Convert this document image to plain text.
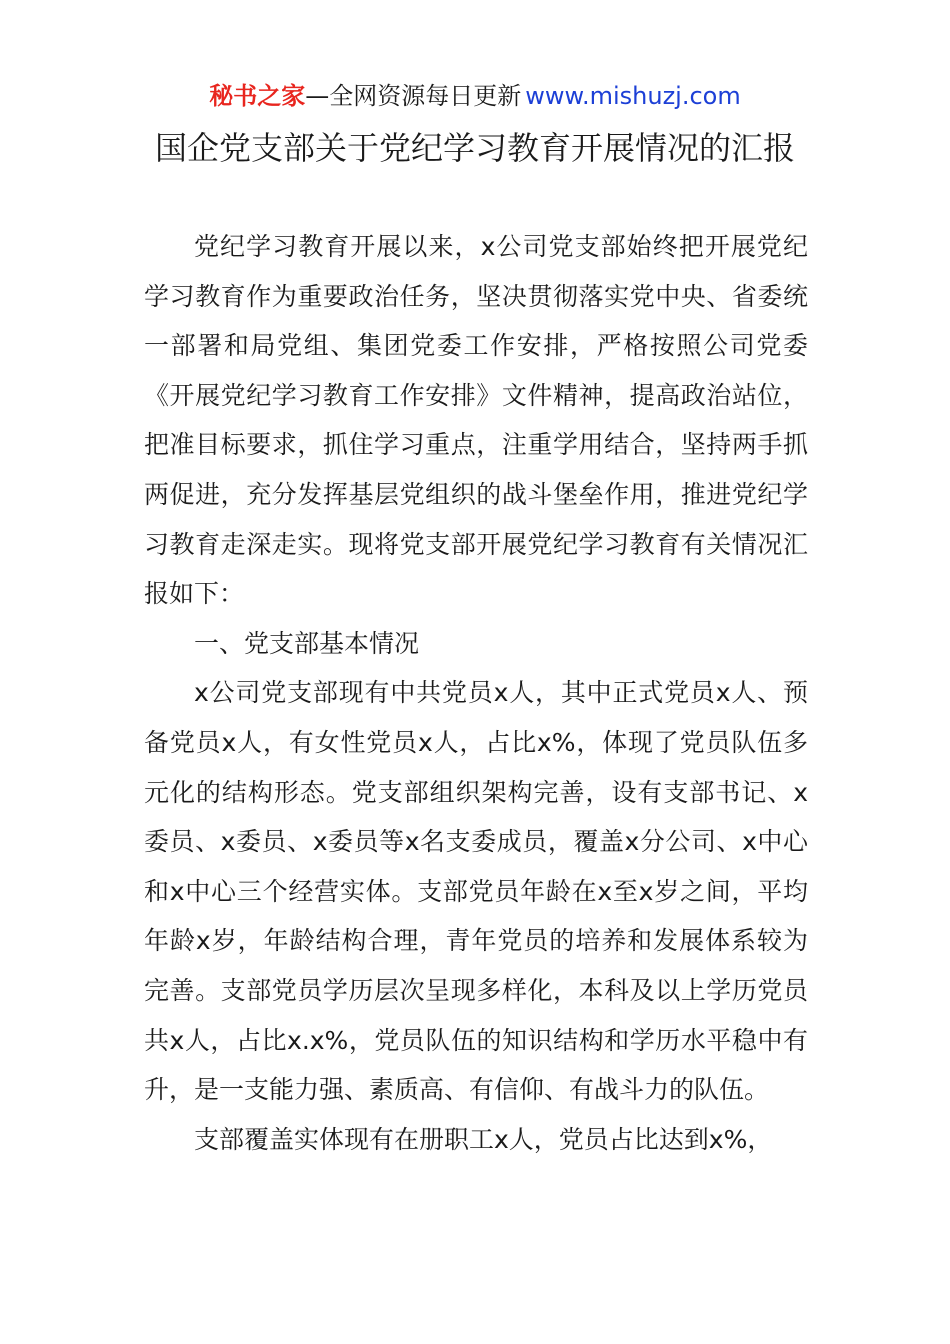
秘书之家—全网资源每日更新 www.mishuzj.com
国企党支部关于党纪学习教育开展情况的汇报

党纪学习教育开展以来，x公司党支部始终把开展党纪学习教育作为重要政治任务，坚决贯彻落实党中央、省委统一部署和局党组、集团党委工作安排，严格按照公司党委《开展党纪学习教育工作安排》文件精神，提高政治站位，把准目标要求，抓住学习重点，注重学用结合，坚持两手抓两促进，充分发挥基层党组织的战斗堡垒作用，推进党纪学习教育走深走实。现将党支部开展党纪学习教育有关情况汇报如下：

一、党支部基本情况

x公司党支部现有中共党员x人，其中正式党员x人、预备党员x人，有女性党员x人，占比x%，体现了党员队伍多元化的结构形态。党支部组织架构完善，设有支部书记、x委员、x委员、x委员等x名支委成员，覆盖x分公司、x中心和x中心三个经营实体。支部党员年龄在x至x岁之间，平均年龄x岁，年龄结构合理，青年党员的培养和发展体系较为完善。支部党员学历层次呈现多样化，本科及以上学历党员共x人，占比x.x%，党员队伍的知识结构和学历水平稳中有升，是一支能力强、素质高、有信仰、有战斗力的队伍。

支部覆盖实体现有在册职工x人，党员占比达到x%，
